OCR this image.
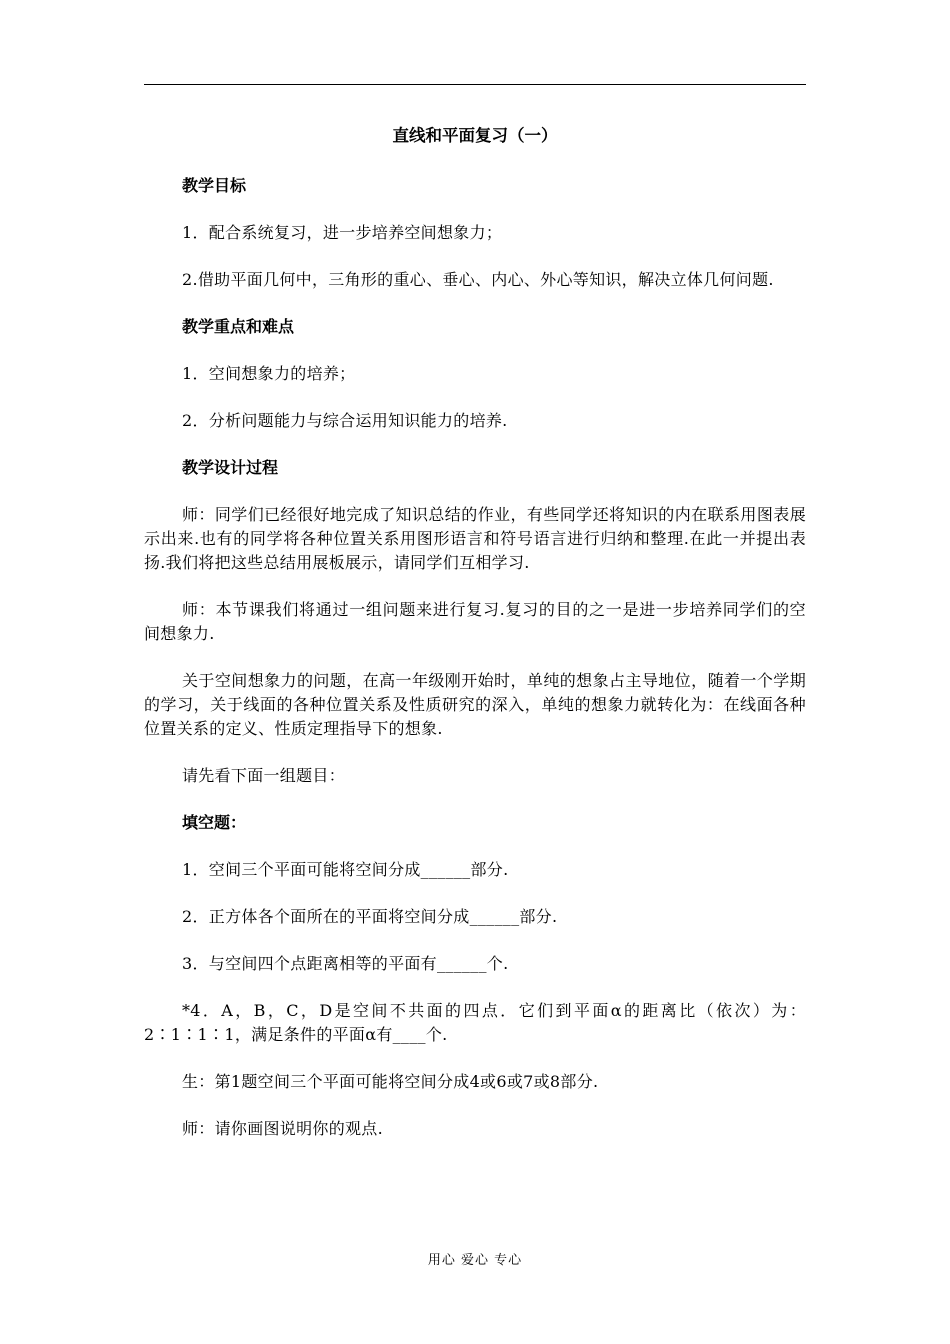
直线和平面复习（一）
教学目标
1．配合系统复习，进一步培养空间想象力；
2.借助平面几何中，三角形的重心、垂心、内心、外心等知识，解决立体几何问题.
教学重点和难点
1．空间想象力的培养；
2．分析问题能力与综合运用知识能力的培养.
教学设计过程
师：同学们已经很好地完成了知识总结的作业，有些同学还将知识的内在联系用图表展示出来.也有的同学将各种位置关系用图形语言和符号语言进行归纳和整理.在此一并提出表扬.我们将把这些总结用展板展示，请同学们互相学习.
师：本节课我们将通过一组问题来进行复习.复习的目的之一是进一步培养同学们的空间想象力.
关于空间想象力的问题，在高一年级刚开始时，单纯的想象占主导地位，随着一个学期的学习，关于线面的各种位置关系及性质研究的深入，单纯的想象力就转化为：在线面各种位置关系的定义、性质定理指导下的想象.
请先看下面一组题目：
填空题：
1．空间三个平面可能将空间分成______部分.
2．正方体各个面所在的平面将空间分成______部分.
3．与空间四个点距离相等的平面有______个.
*4．A，B，C，D是空间不共面的四点．它们到平面α的距离比（依次）为：2∶1∶1∶1，满足条件的平面α有____个.
生：第1题空间三个平面可能将空间分成4或6或7或8部分.
师：请你画图说明你的观点.
用心 爱心 专心
